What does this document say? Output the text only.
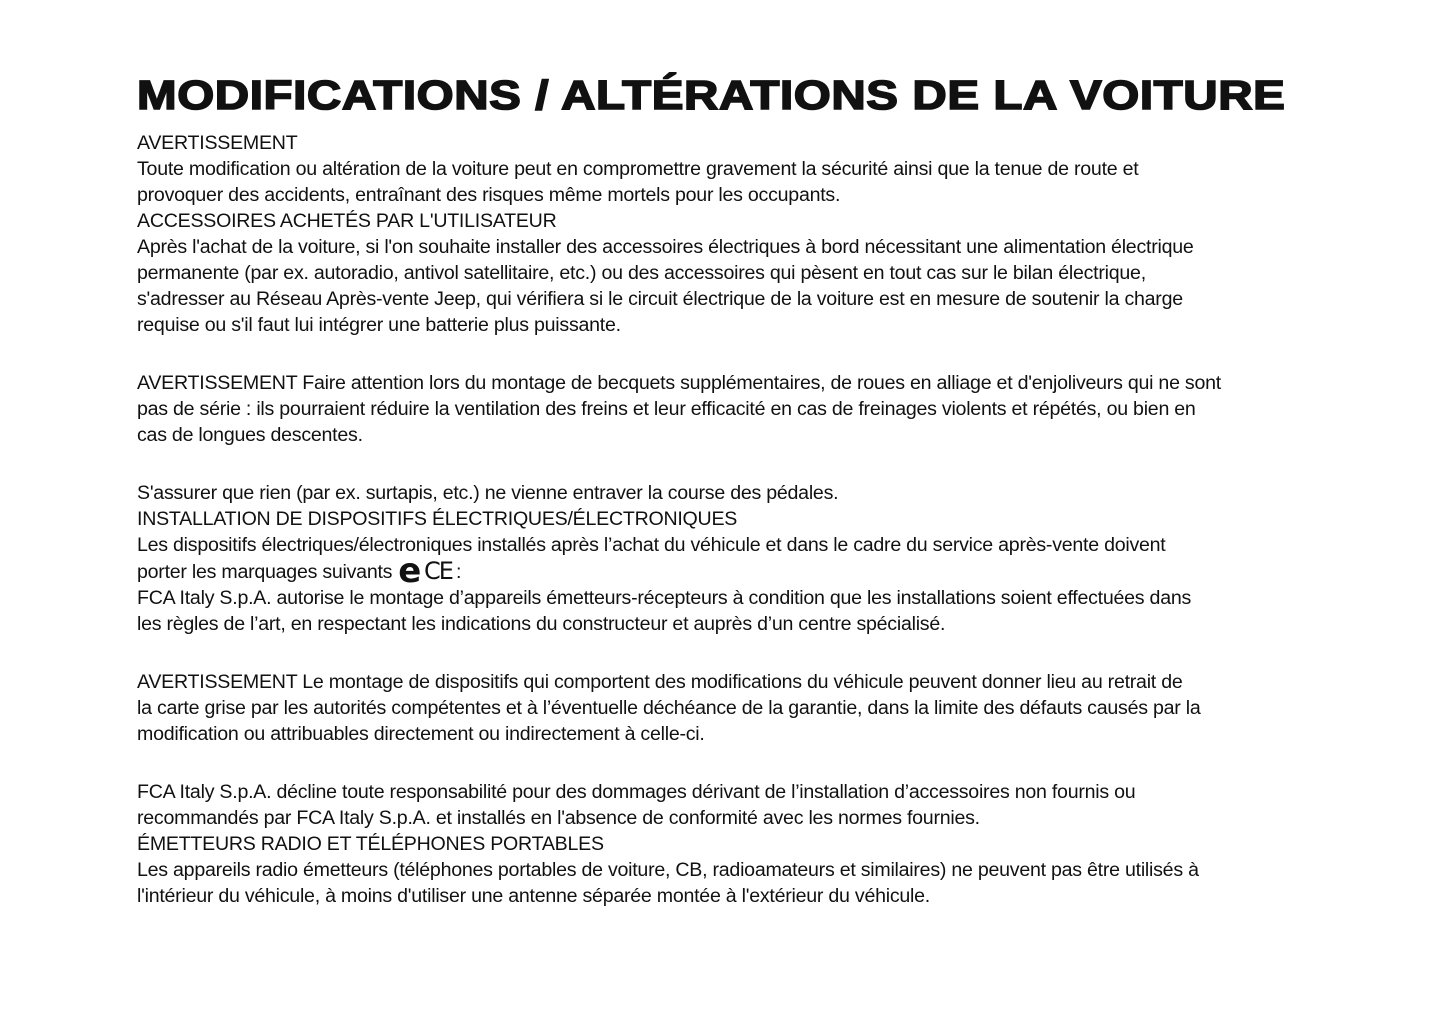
MODIFICATIONS / ALTÉRATIONS DE LA VOITURE
AVERTISSEMENT
Toute modification ou altération de la voiture peut en compromettre gravement la sécurité ainsi que la tenue de route et
provoquer des accidents, entraînant des risques même mortels pour les occupants.
ACCESSOIRES ACHETÉS PAR L'UTILISATEUR
Après l'achat de la voiture, si l'on souhaite installer des accessoires électriques à bord nécessitant une alimentation électrique
permanente (par ex. autoradio, antivol satellitaire, etc.) ou des accessoires qui pèsent en tout cas sur le bilan électrique,
s'adresser au Réseau Après-vente Jeep, qui vérifiera si le circuit électrique de la voiture est en mesure de soutenir la charge
requise ou s'il faut lui intégrer une batterie plus puissante.
AVERTISSEMENT Faire attention lors du montage de becquets supplémentaires, de roues en alliage et d'enjoliveurs qui ne sont
pas de série : ils pourraient réduire la ventilation des freins et leur efficacité en cas de freinages violents et répétés, ou bien en
cas de longues descentes.
S'assurer que rien (par ex. surtapis, etc.) ne vienne entraver la course des pédales.
INSTALLATION DE DISPOSITIFS ÉLECTRIQUES/ÉLECTRONIQUES
Les dispositifs électriques/électroniques installés après l’achat du véhicule et dans le cadre du service après-vente doivent
porter les marquages suivants e CE :
FCA Italy S.p.A. autorise le montage d’appareils émetteurs-récepteurs à condition que les installations soient effectuées dans
les règles de l’art, en respectant les indications du constructeur et auprès d’un centre spécialisé.
AVERTISSEMENT Le montage de dispositifs qui comportent des modifications du véhicule peuvent donner lieu au retrait de
la carte grise par les autorités compétentes et à l’éventuelle déchéance de la garantie, dans la limite des défauts causés par la
modification ou attribuables directement ou indirectement à celle-ci.
FCA Italy S.p.A. décline toute responsabilité pour des dommages dérivant de l’installation d’accessoires non fournis ou
recommandés par FCA Italy S.p.A. et installés en l'absence de conformité avec les normes fournies.
ÉMETTEURS RADIO ET TÉLÉPHONES PORTABLES
Les appareils radio émetteurs (téléphones portables de voiture, CB, radioamateurs et similaires) ne peuvent pas être utilisés à
l'intérieur du véhicule, à moins d'utiliser une antenne séparée montée à l'extérieur du véhicule.
